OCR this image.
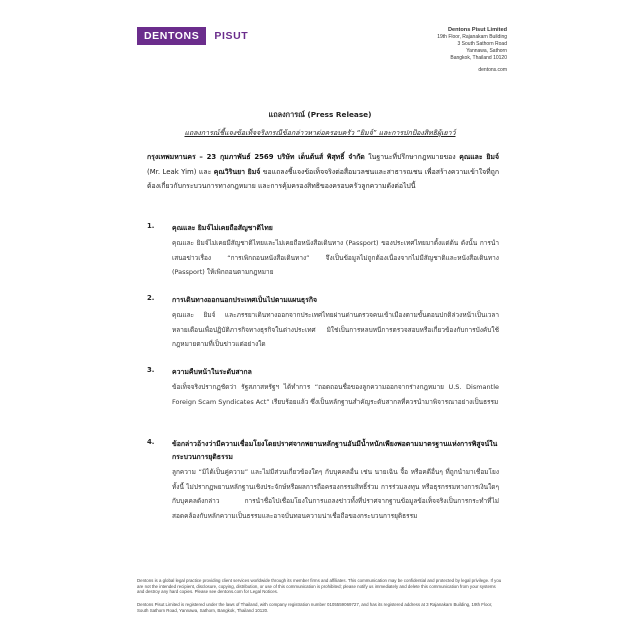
DENTONS	PISUT	Dentons Pisut Limited
19th Floor, Rajanakarn Building
3 South Sathorn Road
Yannawa, Sathorn
Bangkok, Thailand 10120
dentons.com
แถลงการณ์ (Press Release)
แถลงการณ์ชี้แจงข้อเท็จจริงกรณีข้อกล่าวหาต่อครอบครัว “ยิมจ์” และการปกป้องสิทธิผู้เยาว์
กรุงเทพมหานคร – 23 กุมภาพันธ์ 2569 บริษัท เด็นต้นส์ พิสุทธิ์ จำกัด ในฐานะที่ปรึกษากฎหมายของ คุณและ ยิมจ์ (Mr. Leak Yim) และ คุณวิรินยา ยิมจ์ ขอแถลงชี้แจงข้อเท็จจริงต่อสื่อมวลชนและสาธารณชน เพื่อสร้างความเข้าใจที่ถูกต้องเกี่ยวกับกระบวนการทางกฎหมาย และการคุ้มครองสิทธิของครอบครัวลูกความดังต่อไปนี้
1.	คุณและ ยิมจ์ไม่เคยถือสัญชาติไทย
คุณและ ยิมจ์ไม่เคยมีสัญชาติไทยและไม่เคยถือหนังสือเดินทาง (Passport) ของประเทศไทยมาตั้งแต่ต้น ดังนั้น การนำเสนอข่าวเรื่อง “การเพิกถอนหนังสือเดินทาง” จึงเป็นข้อมูลไม่ถูกต้องเนื่องจากไม่มีสัญชาติและหนังสือเดินทาง (Passport) ให้เพิกถอนตามกฎหมาย
2.	การเดินทางออกนอกประเทศเป็นไปตามแผนธุรกิจ
คุณและ ยิมจ์ และภรรยาเดินทางออกจากประเทศไทยผ่านด่านตรวจคนเข้าเมืองตามขั้นตอนปกติล่วงหน้าเป็นเวลาหลายเดือนเพื่อปฏิบัติภารกิจทางธุรกิจในต่างประเทศ มิใช่เป็นการหลบหนีการตรวจสอบหรือเกี่ยวข้องกับการบังคับใช้กฎหมายตามที่เป็นข่าวแต่อย่างใด
3.	ความคืบหน้าในระดับสากล
ข้อเท็จจริงปรากฏชัดว่า รัฐสภาสหรัฐฯ ได้ทำการ “ถอดถอนชื่อของลูกความออกจากร่างกฎหมาย U.S. Dismantle Foreign Scam Syndicates Act” เรียบร้อยแล้ว ซึ่งเป็นหลักฐานสำคัญระดับสากลที่ควรนำมาพิจารณาอย่างเป็นธรรม
4.	ข้อกล่าวอ้างว่ามีความเชื่อมโยงโดยปราศจากพยานหลักฐานอันมีน้ำหนักเพียงพอตามมาตรฐานแห่งการพิสูจน์ในกระบวนการยุติธรรม
ลูกความ “มิได้เป็นคู่ความ” และไม่มีส่วนเกี่ยวข้องใดๆ กับบุคคลอื่น เช่น นายเฉิน จื้อ หรือคดีอื่นๆ ที่ถูกนำมาเชื่อมโยง ทั้งนี้ ไม่ปรากฏพยานหลักฐานเชิงประจักษ์หรือผลการถือครองกรรมสิทธิ์ร่วม การร่วมลงทุน หรือธุรกรรมทางการเงินใดๆ กับบุคคลดังกล่าว การนำชื่อไปเชื่อมโยงในการแถลงข่าวทั้งที่ปราศจากฐานข้อมูลข้อเท็จจริงเป็นการกระทำที่ไม่สอดคล้องกับหลักความเป็นธรรมและอาจบั่นทอนความน่าเชื่อถือของกระบวนการยุติธรรม
Dentons is a global legal practice providing client services worldwide through its member firms and affiliates. This communication may be confidential and protected by legal privilege. If you are not the intended recipient, disclosure, copying, distribution, or use of this communication is prohibited; please notify us immediately and delete this communication from your systems and destroy any hard copies. Please see dentons.com for Legal Notices.
Dentons Pisut Limited is registered under the laws of Thailand, with company registration number 0105559069727, and has its registered address at 3 Rajanakarn Building, 19th Floor, South Sathorn Road, Yannawa, Sathorn, Bangkok, Thailand 10120.
